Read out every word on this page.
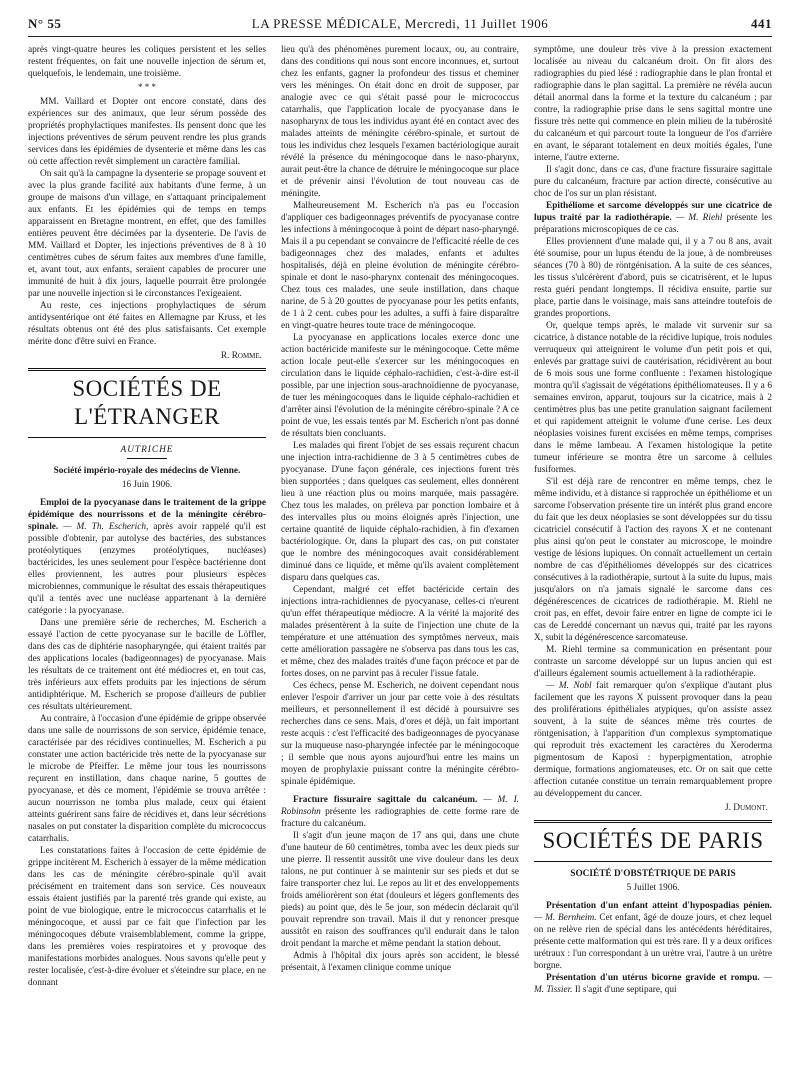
N° 55	LA PRESSE MÉDICALE, Mercredi, 11 Juillet 1906	441

après vingt-quatre heures les coliques persistent et les selles restent fréquentes, on fait une nouvelle injection de sérum et, quelquefois, le lendemain, une troisième.

* * *

MM. Vaillard et Dopter ont encore constaté, dans des expériences sur des animaux, que leur sérum possède des propriétés prophylactiques manifestes. Ils pensent donc que les injections préventives de sérum peuvent rendre les plus grands services dans les épidémies de dysenterie et même dans les cas où cette affection revêt simplement un caractère familial.

On sait qu'à la campagne la dysenterie se propage souvent et avec la plus grande facilité aux habitants d'une ferme, à un groupe de maisons d'un village, en s'attaquant principalement aux enfants. Et les épidémies qui de temps en temps apparaissent en Bretagne montrent, en effet, que des familles entières peuvent être décimées par la dysenterie. De l'avis de MM. Vaillard et Dopter, les injections préventives de 8 à 10 centimètres cubes de sérum faites aux membres d'une famille, et, avant tout, aux enfants, seraient capables de procurer une immunité de huit à dix jours, laquelle pourrait être prolongée par une nouvelle injection si le circonstances l'exigeaient.

Au reste, ces injections prophylactiques de sérum antidysentérique ont été faites en Allemagne par Kruss, et les résultats obtenus ont été des plus satisfaisants. Cet exemple mérite donc d'être suivi en France.

R. Romme.
SOCIÉTÉS DE L'ÉTRANGER
AUTRICHE
Société império-royale des médecins de Vienne.
16 Juin 1906.

Emploi de la pyocyanase dans le traitement de la grippe épidémique des nourrissons et de la méningite cérébro-spinale. — M. Th. Escherich, après avoir rappelé qu'il est possible d'obtenir, par autolyse des bactéries, des substances protéolytiques (enzymes protéolytiques, nucléases) bactéricides, les unes seulement pour l'espèce bactérienne dont elles proviennent, les autres pour plusieurs espèces microbiennes, communique le résultat des essais thérapeutiques qu'il a tentés avec une nucléase appartenant à la dernière catégorie : la pyocyanase.

Dans une première série de recherches, M. Escherich a essayé l'action de cette pyocyanase sur le bacille de Löffler, dans des cas de diphtérie nasopharyngée, qui étaient traités par des applications locales (badigeonnages) de pyocyanase. Mais les résultats de ce traitement ont été médiocres et, en tout cas, très inférieurs aux effets produits par les injections de sérum antidiphtérique. M. Escherich se propose d'ailleurs de publier ces résultats ultérieurement.

Au contraire, à l'occasion d'une épidémie de grippe observée dans une salle de nourrissons de son service, épidémie tenace, caractérisée par des récidives continuelles, M. Escherich a pu constater une action bactéricide très nette de la pyocyanase sur le microbe de Pfeiffer. Le même jour tous les nourrissons reçurent en instillation, dans chaque narine, 5 gouttes de pyocyanase, et dès ce moment, l'épidémie se trouva arrêtée : aucun nourrisson ne tomba plus malade, ceux qui étaient atteints guérirent sans faire de récidives et, dans leur sécrétions nasales on put constater la disparition complète du micrococcus catarrhalis.

Les constatations faites à l'occasion de cette épidémie de grippe incitèrent M. Escherich à essayer de la même médication dans les cas de méningite cérébro-spinale qu'il avait précisément en traitement dans son service. Ces nouveaux essais étaient justifiés par la parenté très grande qui existe, au point de vue biologique, entre le micrococcus catarrhalis et le méningocoque, et aussi par ce fait que l'infection par les méningocoques débute vraisemblablement, comme la grippe, dans les premières voies respiratoires et y provoque des manifestations morbides analogues. Nous savons qu'elle peut y rester localisée, c'est-à-dire évoluer et s'éteindre sur place, en ne donnant

lieu qu'à des phénomènes purement locaux, ou, au contraire, dans des conditions qui nous sont encore inconnues, et, surtout chez les enfants, gagner la profondeur des tissus et cheminer vers les méninges. On était donc en droit de supposer, par analogie avec ce qui s'était passé pour le micrococcus catarrhalis, que l'application locale de pyocyanase dans le nasopharynx de tous les individus ayant été en contact avec des malades atteints de méningite cérébro-spinale, et surtout de tous les individus chez lesquels l'examen bactériologique aurait révélé la présence du méningocoque dans le naso-pharynx, aurait peut-être la chance de détruire le méningocoque sur place et de prévenir ainsi l'évolution de tout nouveau cas de méningite.

Malheureusement M. Escherich n'a pas eu l'occasion d'appliquer ces badigeonnages préventifs de pyocyanase contre les infections à méningocoque à point de départ naso-pharyngé. Mais il a pu cependant se convaincre de l'efficacité réelle de ces badigeonnages chez des malades, enfants et adultes hospitalisés, déjà en pleine évolution de méningite cérébro-spinale et dont le naso-pharynx contenait des méningocoques. Chez tous ces malades, une seule instillation, dans chaque narine, de 5 à 20 gouttes de pyocyanase pour les petits enfants, de 1 à 2 cent. cubes pour les adultes, a suffi à faire disparaître en vingt-quatre heures toute trace de méningocoque.

La pyocyanase en applications locales exerce donc une action bactéricide manifeste sur le méningocoque. Cette même action locale peut-elle s'exercer sur les méningocoques en circulation dans le liquide céphalo-rachidien, c'est-à-dire est-il possible, par une injection sous-arachnoïdienne de pyocyanase, de tuer les méningocoques dans le liquide céphalo-rachidien et d'arrêter ainsi l'évolution de la méningite cérébro-spinale ? A ce point de vue, les essais tentés par M. Escherich n'ont pas donné de résultats bien concluants.

Les malades qui firent l'objet de ses essais reçurent chacun une injection intra-rachidienne de 3 à 5 centimètres cubes de pyocyanase. D'une façon générale, ces injections furent très bien supportées ; dans quelques cas seulement, elles donnèrent lieu à une réaction plus ou moins marquée, mais passagère. Chez tous les malades, on préleva par ponction lombaire et à des intervalles plus ou moins éloignés après l'injection, une certaine quantité de liquide céphalo-rachidien, à fin d'examen bactériologique. Or, dans la plupart des cas, on put constater que le nombre des méningocoques avait considérablement diminué dans ce liquide, et même qu'ils avaient complètement disparu dans quelques cas.

Cependant, malgré cet effet bactéricide certain des injections intra-rachidiennes de pyocyanase, celles-ci n'eurent qu'un effet thérapeutique médiocre. A la vérité la majorité des malades présentèrent à la suite de l'injection une chute de la température et une atténuation des symptômes nerveux, mais cette amélioration passagère ne s'observa pas dans tous les cas, et même, chez des malades traités d'une façon précoce et par de fortes doses, on ne parvint pas à reculer l'issue fatale.

Ces échecs, pense M. Escherich, ne doivent cependant nous enlever l'espoir d'arriver un jour par cette voie à des résultats meilleurs, et personnellement il est décidé à poursuivre ses recherches dans ce sens. Mais, d'ores et déjà, un fait important reste acquis : c'est l'efficacité des badigeonnages de pyocyanase sur la muqueuse naso-pharyngée infectée par le méningocoque ; il semble que nous ayons aujourd'hui entre les mains un moyen de prophylaxie puissant contre la méningite cérébro-spinale épidémique.

Fracture fissuraire sagittale du calcanéum. — M. I. Robinsohn présente les radiographies de cette forme rare de fracture du calcanéum.

Il s'agit d'un jeune maçon de 17 ans qui, dans une chute d'une hauteur de 60 centimètres, tomba avec les deux pieds sur une pierre. Il ressentit aussitôt une vive douleur dans les deux talons, ne put continuer à se maintenir sur ses pieds et dut se faire transporter chez lui. Le repos au lit et des enveloppements froids améliorèrent son état (douleurs et légers gonflements des pieds) au point que, dès le 5e jour, son médecin déclarait qu'il pouvait reprendre son travail. Mais il dut y renoncer presque aussitôt en raison des souffrances qu'il endurait dans le talon droit pendant la marche et même pendant la station debout.

Admis à l'hôpital dix jours après son accident, le blessé présentait, à l'examen clinique comme unique

symptôme, une douleur très vive à la pression exactement localisée au niveau du calcanéum droit. On fit alors des radiographies du pied lésé : radiographie dans le plan frontal et radiographie dans le plan sagittal. La première ne révéla aucun détail anormal dans la forme et la texture du calcanéum ; par contre, la radiographie prise dans le sens sagittal montre une fissure très nette qui commence en plein milieu de la tubérosité du calcanéum et qui parcourt toute la longueur de l'os d'arrière en avant, le séparant totalement en deux moitiés égales, l'une interne, l'autre externe.

Il s'agit donc, dans ce cas, d'une fracture fissuraire sagittale pure du calcanéum, fracture par action directe, consécutive au choc de l'os sur un plan résistant.

Epithéliome et sarcome développés sur une cicatrice de lupus traité par la radiothérapie. — M. Riehl présente les préparations microscopiques de ce cas.

Elles proviennent d'une malade qui, il y a 7 ou 8 ans, avait été soumise, pour un lupus étendu de la joue, à de nombreuses séances (70 à 80) de röntgénisation. A la suite de ces séances, les tissus s'ulcérèrent d'abord, puis se cicatrisèrent, et le lupus resta guéri pendant longtemps. Il récidiva ensuite, partie sur place, partie dans le voisinage, mais sans atteindre toutefois de grandes proportions.

Or, quelque temps après, le malade vit survenir sur sa cicatrice, à distance notable de la récidive lupique, trois nodules verruqueux qui atteignirent le volume d'un petit pois et qui, enlevés par grattage suivi de cautérisation, récidivèrent au bout de 6 mois sous une forme confluente : l'examen histologique montra qu'il s'agissait de végétations épithéliomateuses. Il y a 6 semaines environ, apparut, toujours sur la cicatrice, mais à 2 centimètres plus bas une petite granulation saignant facilement et qui rapidement atteignit le volume d'une cerise. Les deux néoplasies voisines furent excisées en même temps, comprises dans le même lambeau. A l'examen histologique la petite tumeur inférieure se montra être un sarcome à cellules fusiformes.

S'il est déjà rare de rencontrer en même temps, chez le même individu, et à distance si rapprochée un épithéliome et un sarcome l'observation présente tire un intérêt plus grand encore du fait que les deux néoplasies se sont développées sur du tissu cicatriciel consécutif à l'action des rayons X et ne contenant plus ainsi qu'on peut le constater au microscope, le moindre vestige de lésions lupiques. On connaît actuellement un certain nombre de cas d'épithéliomes développés sur des cicatrices consécutives à la radiothérapie, surtout à la suite du lupus, mais jusqu'alors on n'a jamais signalé le sarcome dans ces dégénérescences de cicatrices de radiothérapie. M. Riehl ne croit pas, en effet, devoir faire entrer en ligne de compte ici le cas de Lereddé concernant un nævus qui, traité par les rayons X, subit la dégénérescence sarcomateuse.

M. Riehl termine sa communication en présentant pour contraste un sarcome développé sur un lupus ancien qui est d'ailleurs également soumis actuellement à la radiothérapie.

— M. Nobl fait remarquer qu'on s'explique d'autant plus facilement que les rayons X puissent provoquer dans la peau des proliférations épithéliales atypiques, qu'on assiste assez souvent, à la suite de séances même très courtes de röntgenisation, à l'apparition d'un complexus symptomatique qui reproduit très exactement les caractères du Xeroderma pigmentosum de Kaposi : hyperpigmentation, atrophie dermique, formations angiomateuses, etc. Or on sait que cette affection cutanée constitue un terrain remarquablement propre au développement du cancer.

J. Dumont.
SOCIÉTÉS DE PARIS
SOCIÉTÉ D'OBSTÉTRIQUE DE PARIS
5 Juillet 1906.

Présentation d'un enfant atteint d'hypospadias pénien. — M. Bernheim. Cet enfant, âgé de douze jours, et chez lequel on ne relève rien de spécial dans les antécédents héréditaires, présente cette malformation qui est très rare. Il y a deux orifices urétraux : l'un correspondant à un urètre vrai, l'autre à un urètre borgne.

Présentation d'un utérus bicorne gravide et rompu. — M. Tissier. Il s'agit d'une septipare, qui
